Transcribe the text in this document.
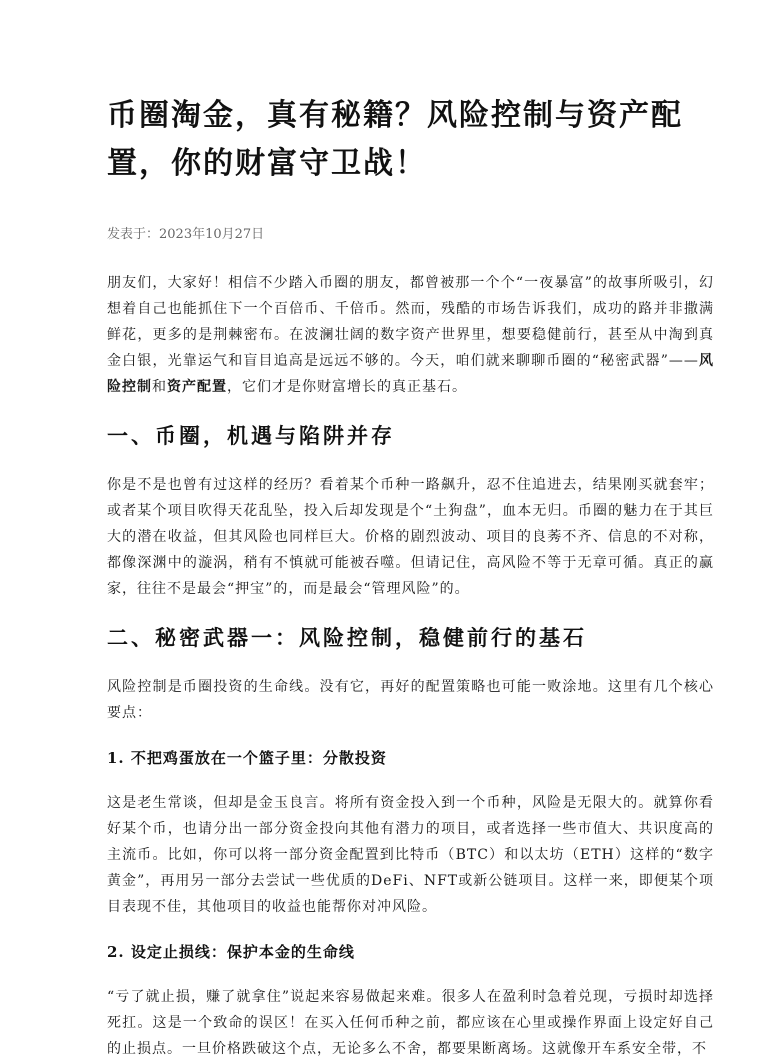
币圈淘金，真有秘籍？风险控制与资产配置，你的财富守卫战！
发表于：2023年10月27日

朋友们，大家好！相信不少踏入币圈的朋友，都曾被那一个个“一夜暴富”的故事所吸引，幻想着自己也能抓住下一个百倍币、千倍币。然而，残酷的市场告诉我们，成功的路并非撒满鲜花，更多的是荆棘密布。在波澜壮阔的数字资产世界里，想要稳健前行，甚至从中淘到真金白银，光靠运气和盲目追高是远远不够的。今天，咱们就来聊聊币圈的“秘密武器”——风险控制和资产配置，它们才是你财富增长的真正基石。

一、币圈，机遇与陷阱并存

你是不是也曾有过这样的经历？看着某个币种一路飙升，忍不住追进去，结果刚买就套牢；或者某个项目吹得天花乱坠，投入后却发现是个“土狗盘”，血本无归。币圈的魅力在于其巨大的潜在收益，但其风险也同样巨大。价格的剧烈波动、项目的良莠不齐、信息的不对称，都像深渊中的漩涡，稍有不慎就可能被吞噬。但请记住，高风险不等于无章可循。真正的赢家，往往不是最会“押宝”的，而是最会“管理风险”的。

二、秘密武器一：风险控制，稳健前行的基石

风险控制是币圈投资的生命线。没有它，再好的配置策略也可能一败涂地。这里有几个核心要点：

1. 不把鸡蛋放在一个篮子里：分散投资

这是老生常谈，但却是金玉良言。将所有资金投入到一个币种，风险是无限大的。就算你看好某个币，也请分出一部分资金投向其他有潜力的项目，或者选择一些市值大、共识度高的主流币。比如，你可以将一部分资金配置到比特币（BTC）和以太坊（ETH）这样的“数字黄金”，再用另一部分去尝试一些优质的DeFi、NFT或新公链项目。这样一来，即便某个项目表现不佳，其他项目的收益也能帮你对冲风险。

2. 设定止损线：保护本金的生命线

“亏了就止损，赚了就拿住”说起来容易做起来难。很多人在盈利时急着兑现，亏损时却选择死扛。这是一个致命的误区！在买入任何币种之前，都应该在心里或操作界面上设定好自己的止损点。一旦价格跌破这个点，无论多么不舍，都要果断离场。这就像开车系安全带，不
